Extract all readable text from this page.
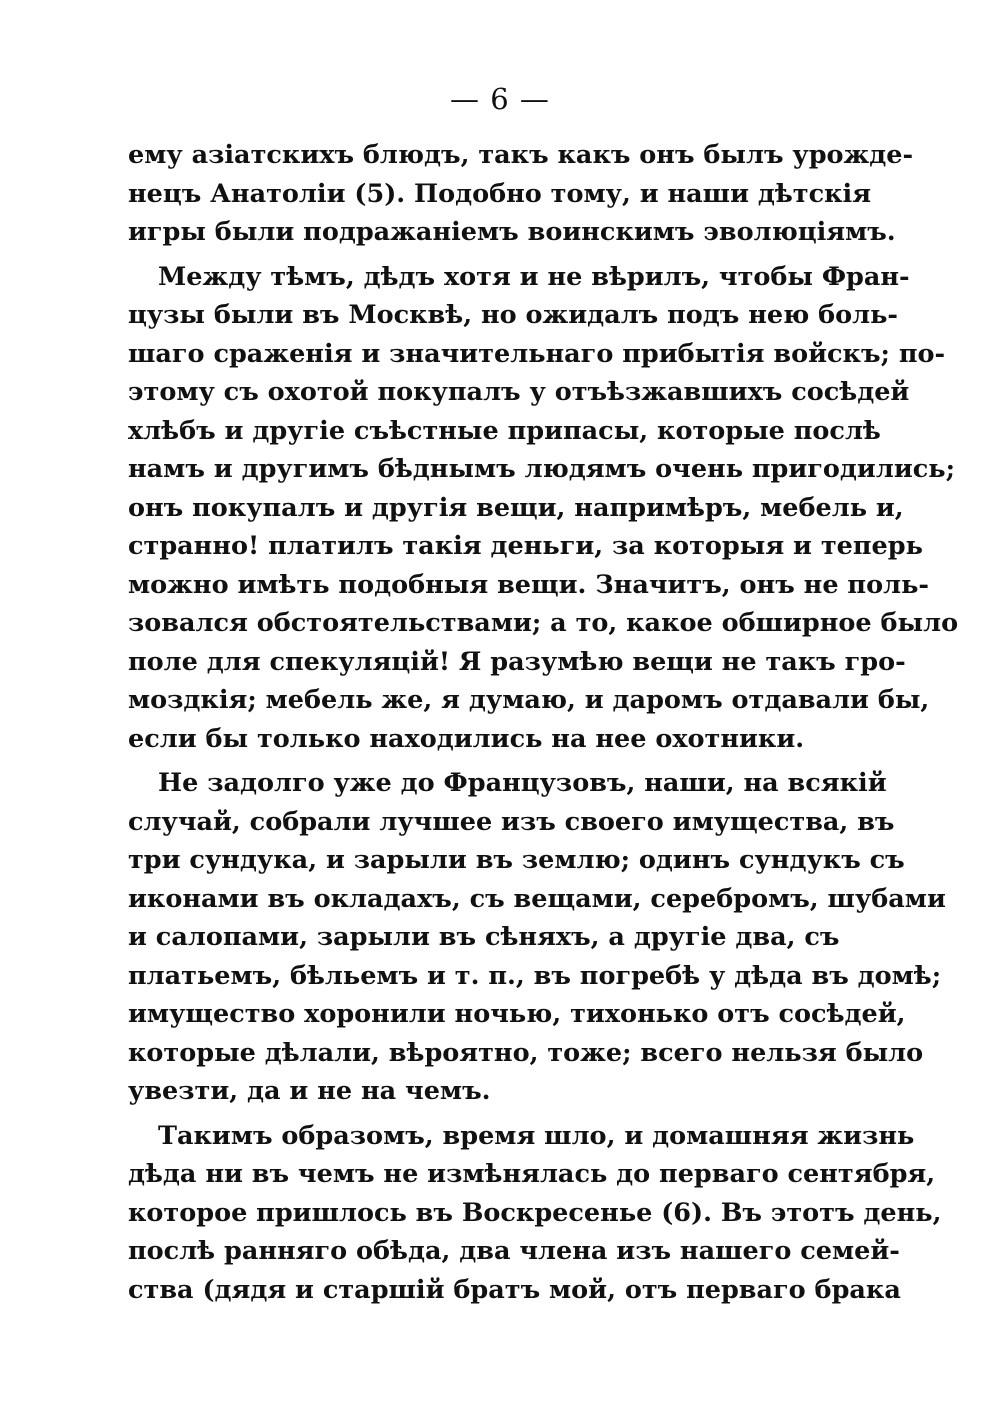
— 6 —
ему азіатскихъ блюдъ, такъ какъ онъ былъ урожде-
нецъ Анатоліи (5). Подобно тому, и наши дѣтскія
игры были подражаніемъ воинскимъ эволюціямъ.
Между тѣмъ, дѣдъ хотя и не вѣрилъ, чтобы Фран-
цузы были въ Москвѣ, но ожидалъ подъ нею боль-
шаго сраженія и значительнаго прибытія войскъ; по-
этому съ охотой покупалъ у отъѣзжавшихъ сосѣдей
хлѣбъ и другіе съѣстные припасы, которые послѣ
намъ и другимъ бѣднымъ людямъ очень пригодились;
онъ покупалъ и другія вещи, напримѣръ, мебель и,
странно! платилъ такія деньги, за которыя и теперь
можно имѣть подобныя вещи. Значитъ, онъ не поль-
зовался обстоятельствами; а то, какое обширное было
поле для спекуляцій! Я разумѣю вещи не такъ гро-
моздкія; мебель же, я думаю, и даромъ отдавали бы,
если бы только находились на нее охотники.
Не задолго уже до Французовъ, наши, на всякій
случай, собрали лучшее изъ своего имущества, въ
три сундука, и зарыли въ землю; одинъ сундукъ съ
иконами въ окладахъ, съ вещами, серебромъ, шубами
и салопами, зарыли въ сѣняхъ, а другіе два, съ
платьемъ, бѣльемъ и т. п., въ погребѣ у дѣда въ домѣ;
имущество хоронили ночью, тихонько отъ сосѣдей,
которые дѣлали, вѣроятно, тоже; всего нельзя было
увезти, да и не на чемъ.
Такимъ образомъ, время шло, и домашняя жизнь
дѣда ни въ чемъ не измѣнялась до перваго сентября,
которое пришлось въ Воскресенье (6). Въ этотъ день,
послѣ ранняго обѣда, два члена изъ нашего семей-
ства (дядя и старшій братъ мой, отъ перваго брака
